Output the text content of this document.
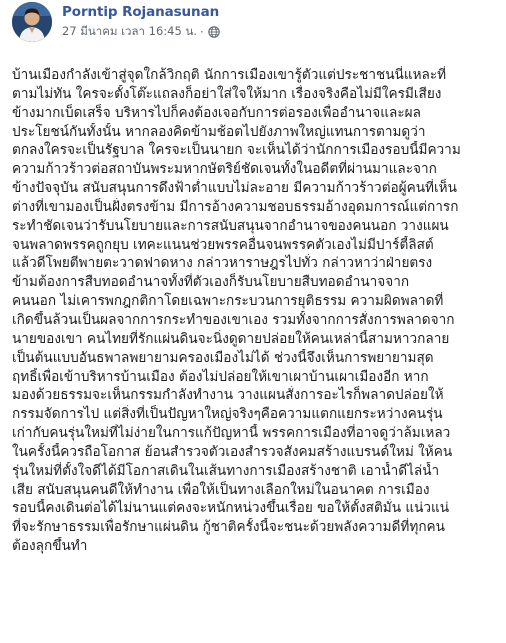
Porntip Rojanasunan
27 มีนาคม เวลา 16:45 น. ·
บ้านเมืองกำลังเข้าสู่จุดใกล้วิกฤติ นักการเมืองเขารู้ตัวแต่ประชาชนนี่แหละที่
ตามไม่ทัน ใครจะตั้งโต๊ะแถลงก็อย่าใส่ใจให้มาก เรื่องจริงคือไม่มีใครมีเสียง
ข้างมากเบ็ดเสร็จ บริหารไปก็คงต้องเจอกับการต่อรองเพื่ออำนาจและผล
ประโยชน์กันทั้งนั้น หากลองคิดข้ามช้อตไปยังภาพใหญ่แทนการตามดูว่า
ตกลงใครจะเป็นรัฐบาล ใครจะเป็นนายก จะเห็นได้ว่านักการเมืองรอบนี้มีความ
ความก้าวร้าวต่อสถาบันพระมหากษัตริย์ชัดเจนทั้งในอดีตที่ผ่านมาและจาก
ข้างปัจจุบัน สนับสนุนการดึงฟ้าต่ำแบบไม่ละอาย มีความก้าวร้าวต่อผู้คนที่เห็น
ต่างที่เขามองเป็นฝั่งตรงข้าม มีการอ้างความชอบธรรมอ้างอุดมการณ์แต่การก
ระทำชัดเจนว่ารับนโยบายและการสนับสนุนจากอำนาจของคนนอก วางแผน
จนพลาดพรรคถูกยุบ เทคะแนนช่วยพรรคอื่นจนพรรคตัวเองไม่มีปาร์ตี้ลิสต์
แล้วดีโพยตีพายตะวาดฟาดหาง กล่าวหาราษฎรไปทั่ว กล่าวหาว่าฝ่ายตรง
ข้ามต้องการสืบทอดอำนาจทั้งที่ตัวเองก็รับนโยบายสืบทอดอำนาจจาก
คนนอก ไม่เคารพกฎกติกาโดยเฉพาะกระบวนการยุติธรรม ความผิดพลาดที่
เกิดขึ้นล้วนเป็นผลจากการกระทำของเขาเอง รวมทั้งจากการสั่งการพลาดจาก
นายของเขา คนไทยที่รักแผ่นดินจะนิ่งดูดายปล่อยให้คนเหล่านี้สามหาวกลาย
เป็นต้นแบบอันธพาลพยายามครองเมืองไม่ได้ ช่วงนี้จึงเห็นการพยายามสุด
ฤทธิ์เพื่อเข้าบริหารบ้านเมือง ต้องไม่ปล่อยให้เขาเผาบ้านเผาเมืองอีก หาก
มองด้วยธรรมจะเห็นกรรมกำลังทำงาน วางแผนสั่งการอะไรก็พลาดปล่อยให้
กรรมจัดการไป แต่สิ่งที่เป็นปัญหาใหญ่จริงๆคือความแตกแยกระหว่างคนรุ่น
เก่ากับคนรุ่นใหม่ที่ไม่ง่ายในการแก้ปัญหานี้ พรรคการเมืองที่อาจดูว่าล้มเหลว
ในครั้งนี้ควรถือโอกาส ย้อนสำรวจตัวเองสำรวจสังคมสร้างแบรนด์ใหม่ ให้คน
รุ่นใหม่ที่ตั้งใจดีได้มีโอกาสเดินในเส้นทางการเมืองสร้างชาติ เอาน้ำดีไล่น้ำ
เสีย สนับสนุนคนดีให้ทำงาน เพื่อให้เป็นทางเลือกใหม่ในอนาคต การเมือง
รอบนี้คงเดินต่อได้ไม่นานแต่คงจะหนักหน่วงขึ้นเรื่อย ขอให้ตั้งสติมั่น แน่วแน่
ที่จะรักษาธรรมเพื่อรักษาแผ่นดิน กู้ชาติครั้งนี้จะชนะด้วยพลังความดีที่ทุกคน
ต้องลุกขึ้นทำ
